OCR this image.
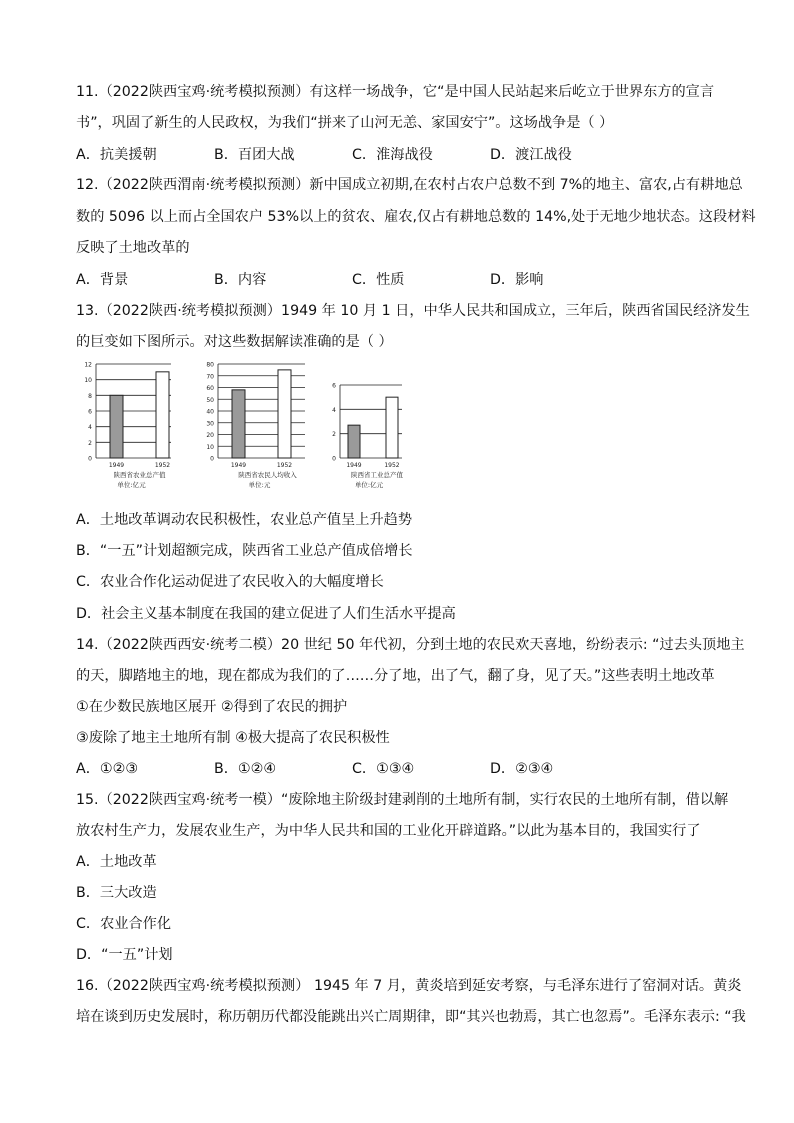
11.（2022陕西宝鸡·统考模拟预测）有这样一场战争，它“是中国人民站起来后屹立于世界东方的宣言
书”，巩固了新生的人民政权，为我们“拼来了山河无恙、家国安宁”。这场战争是（ ）
A．抗美援朝	B．百团大战	C．淮海战役	D．渡江战役
12.（2022陕西渭南·统考模拟预测）新中国成立初期,在农村占农户总数不到 7%的地主、富农,占有耕地总
数的 5096 以上而占全国农户 53%以上的贫农、雇农,仅占有耕地总数的 14%,处于无地少地状态。这段材料
反映了土地改革的
A．背景	B．内容	C．性质	D．影响
13.（2022陕西·统考模拟预测）1949 年 10 月 1 日，中华人民共和国成立，三年后，陕西省国民经济发生
的巨变如下图所示。对这些数据解读准确的是（ ）
0
2
4
6
8
10
12
1949	1952
陕西省农业总产值
单位:亿元
0
10
20
30
40
50
60
70
80
1949	1952
陕西省农民人均收入
单位:元
0
2
4
6
1949	1952
陕西省工业总产值
单位:亿元
A．土地改革调动农民积极性，农业总产值呈上升趋势
B．“一五”计划超额完成，陕西省工业总产值成倍增长
C．农业合作化运动促进了农民收入的大幅度增长
D．社会主义基本制度在我国的建立促进了人们生活水平提高
14.（2022陕西西安·统考二模）20 世纪 50 年代初，分到土地的农民欢天喜地，纷纷表示: “过去头顶地主
的天，脚踏地主的地，现在都成为我们的了……分了地，出了气，翻了身，见了天。”这些表明土地改革
①在少数民族地区展开 ②得到了农民的拥护
③废除了地主土地所有制 ④极大提高了农民积极性
A．①②③	B．①②④	C．①③④	D．②③④
15.（2022陕西宝鸡·统考一模）“废除地主阶级封建剥削的土地所有制，实行农民的土地所有制，借以解
放农村生产力，发展农业生产，为中华人民共和国的工业化开辟道路。”以此为基本目的，我国实行了
A．土地改革
B．三大改造
C．农业合作化
D．“一五”计划
16.（2022陕西宝鸡·统考模拟预测） 1945 年 7 月，黄炎培到延安考察，与毛泽东进行了窑洞对话。黄炎
培在谈到历史发展时，称历朝历代都没能跳出兴亡周期律，即“其兴也勃焉，其亡也忽焉”。毛泽东表示: “我
